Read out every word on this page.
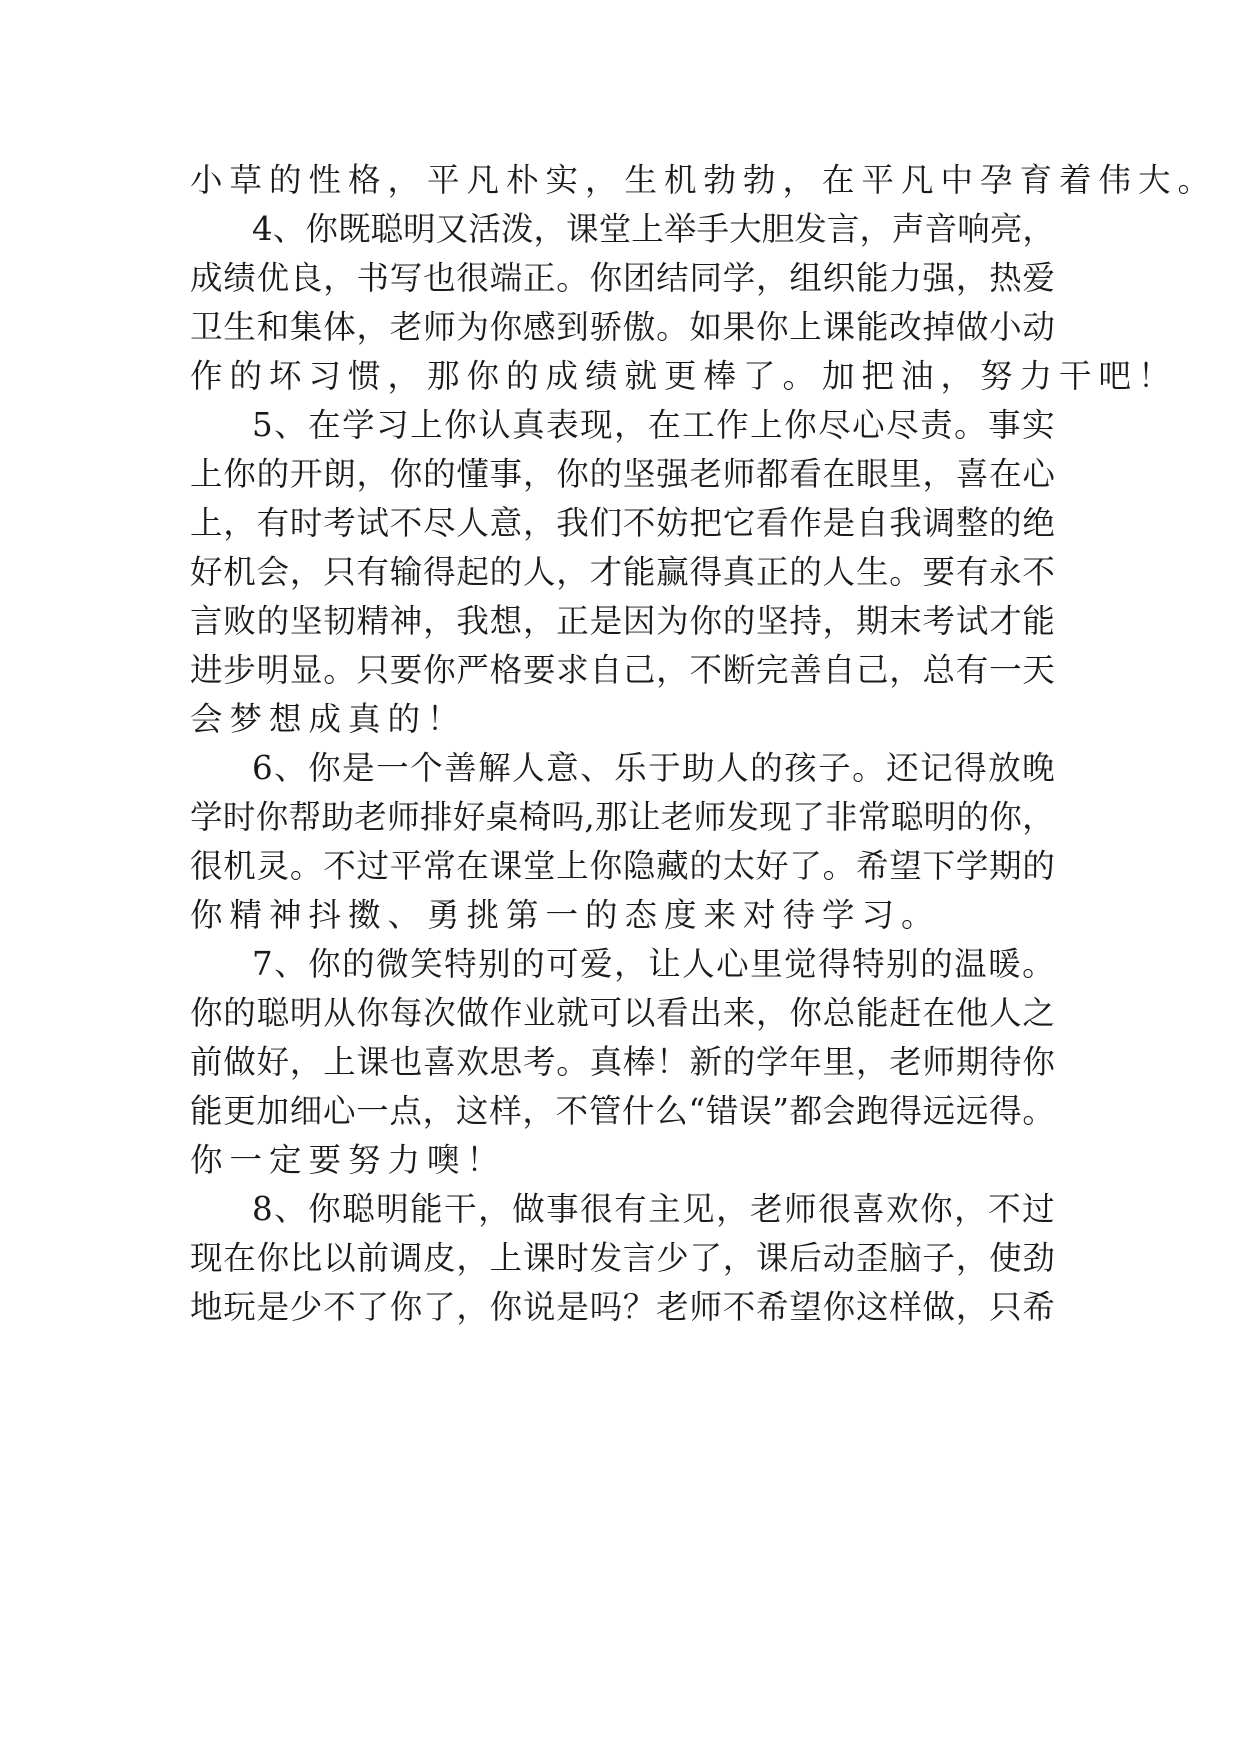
小草的性格，平凡朴实，生机勃勃，在平凡中孕育着伟大。
4 、 你 既 聪 明 又 活 泼 ， 课 堂 上 举 手 大 胆 发 言 ， 声 音 响 亮 ，
成 绩 优 良 ， 书 写 也 很 端 正 。 你 团 结 同 学 ， 组 织 能 力 强 ， 热 爱
卫 生 和 集 体 ， 老 师 为 你 感 到 骄 傲 。 如 果 你 上 课 能 改 掉 做 小 动
作的坏习惯，那你的成绩就更棒了。加把油，努力干吧！
5 、 在 学 习 上 你 认 真 表 现 ， 在 工 作 上 你 尽 心 尽 责 。 事 实
上 你 的 开 朗 ， 你 的 懂 事 ， 你 的 坚 强 老 师 都 看 在 眼 里 ， 喜 在 心
上 ， 有 时 考 试 不 尽 人 意 ， 我 们 不 妨 把 它 看 作 是 自 我 调 整 的 绝
好 机 会 ， 只 有 输 得 起 的 人 ， 才 能 赢 得 真 正 的 人 生 。 要 有 永 不
言 败 的 坚 韧 精 神 ， 我 想 ， 正 是 因 为 你 的 坚 持 ， 期 末 考 试 才 能
进 步 明 显 。 只 要 你 严 格 要 求 自 己 ， 不 断 完 善 自 己 ， 总 有 一 天
会梦想成真的！
6 、 你 是 一 个 善 解 人 意 、 乐 于 助 人 的 孩 子 。 还 记 得 放 晚
学 时 你 帮 助 老 师 排 好 桌 椅 吗 , 那 让 老 师 发 现 了 非 常 聪 明 的 你 ，
很 机 灵 。 不 过 平 常 在 课 堂 上 你 隐 藏 的 太 好 了 。 希 望 下 学 期 的
你精神抖擞、勇挑第一的态度来对待学习。
7 、 你 的 微 笑 特 别 的 可 爱 ， 让 人 心 里 觉 得 特 别 的 温 暖 。
你 的 聪 明 从 你 每 次 做 作 业 就 可 以 看 出 来 ， 你 总 能 赶 在 他 人 之
前 做 好 ， 上 课 也 喜 欢 思 考 。 真 棒 ！ 新 的 学 年 里 ， 老 师 期 待 你
能 更 加 细 心 一 点 ， 这 样 ， 不 管 什 么 “ 错 误 ” 都 会 跑 得 远 远 得 。
你一定要努力噢！
8 、 你 聪 明 能 干 ， 做 事 很 有 主 见 ， 老 师 很 喜 欢 你 ， 不 过
现 在 你 比 以 前 调 皮 ， 上 课 时 发 言 少 了 ， 课 后 动 歪 脑 子 ， 使 劲
地 玩 是 少 不 了 你 了 ， 你 说 是 吗 ？ 老 师 不 希 望 你 这 样 做 ， 只 希
